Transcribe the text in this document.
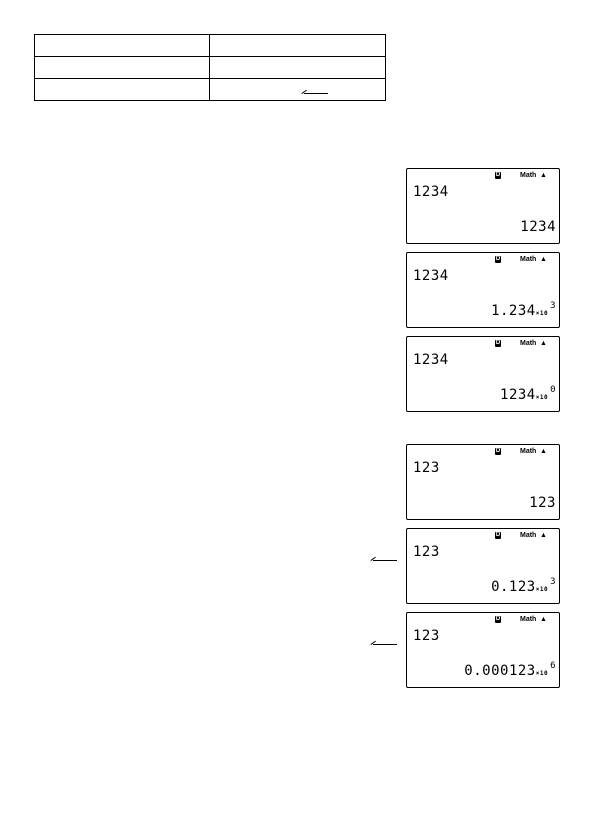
D	Math ▲
1234
1234
D	Math ▲
1234
$1.234\times 10^3$
D	Math ▲
1234
$1234\times 10^0$
D	Math ▲
123
123
D	Math ▲
123
$0.123\times 10^3$
D	Math ▲
123
$0.000123\times 10^6$
